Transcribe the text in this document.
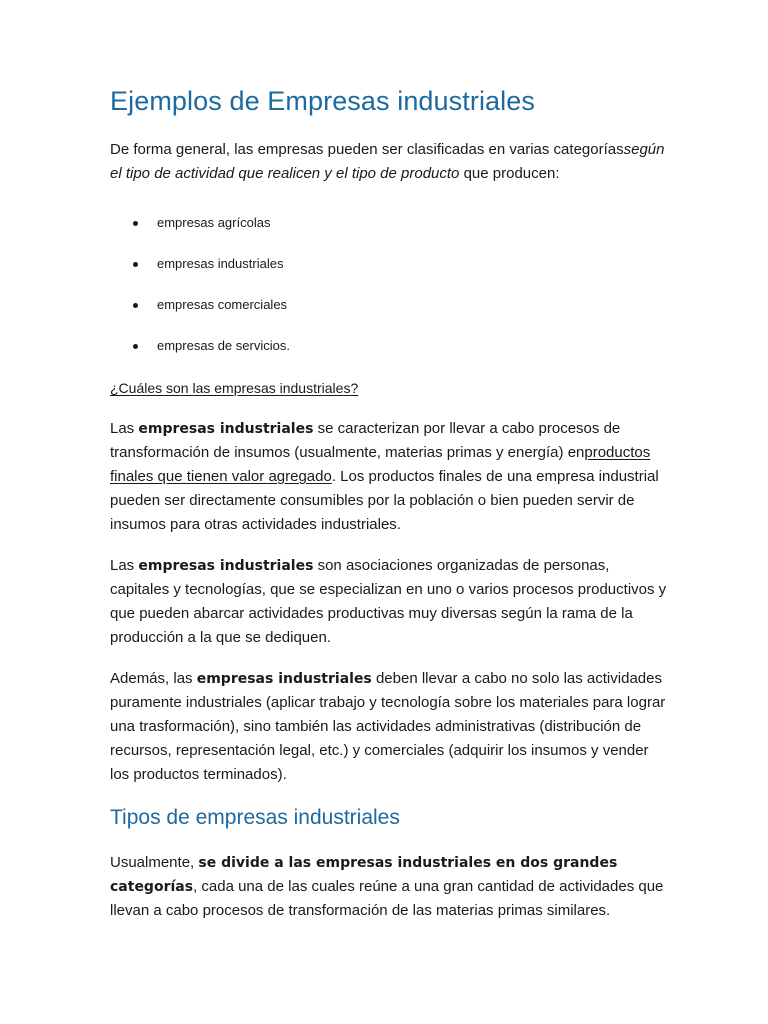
Ejemplos de Empresas industriales

De forma general, las empresas pueden ser clasificadas en varias categoríassegún el tipo de actividad que realicen y el tipo de producto que producen:

empresas agrícolas
empresas industriales
empresas comerciales
empresas de servicios.

¿Cuáles son las empresas industriales?

Las empresas industriales se caracterizan por llevar a cabo procesos de transformación de insumos (usualmente, materias primas y energía) enproductos finales que tienen valor agregado. Los productos finales de una empresa industrial pueden ser directamente consumibles por la población o bien pueden servir de insumos para otras actividades industriales.

Las empresas industriales son asociaciones organizadas de personas, capitales y tecnologías, que se especializan en uno o varios procesos productivos y que pueden abarcar actividades productivas muy diversas según la rama de la producción a la que se dediquen.

Además, las empresas industriales deben llevar a cabo no solo las actividades puramente industriales (aplicar trabajo y tecnología sobre los materiales para lograr una trasformación), sino también las actividades administrativas (distribución de recursos, representación legal, etc.) y comerciales (adquirir los insumos y vender los productos terminados).

Tipos de empresas industriales

Usualmente, se divide a las empresas industriales en dos grandes categorías, cada una de las cuales reúne a una gran cantidad de actividades que llevan a cabo procesos de transformación de las materias primas similares.
